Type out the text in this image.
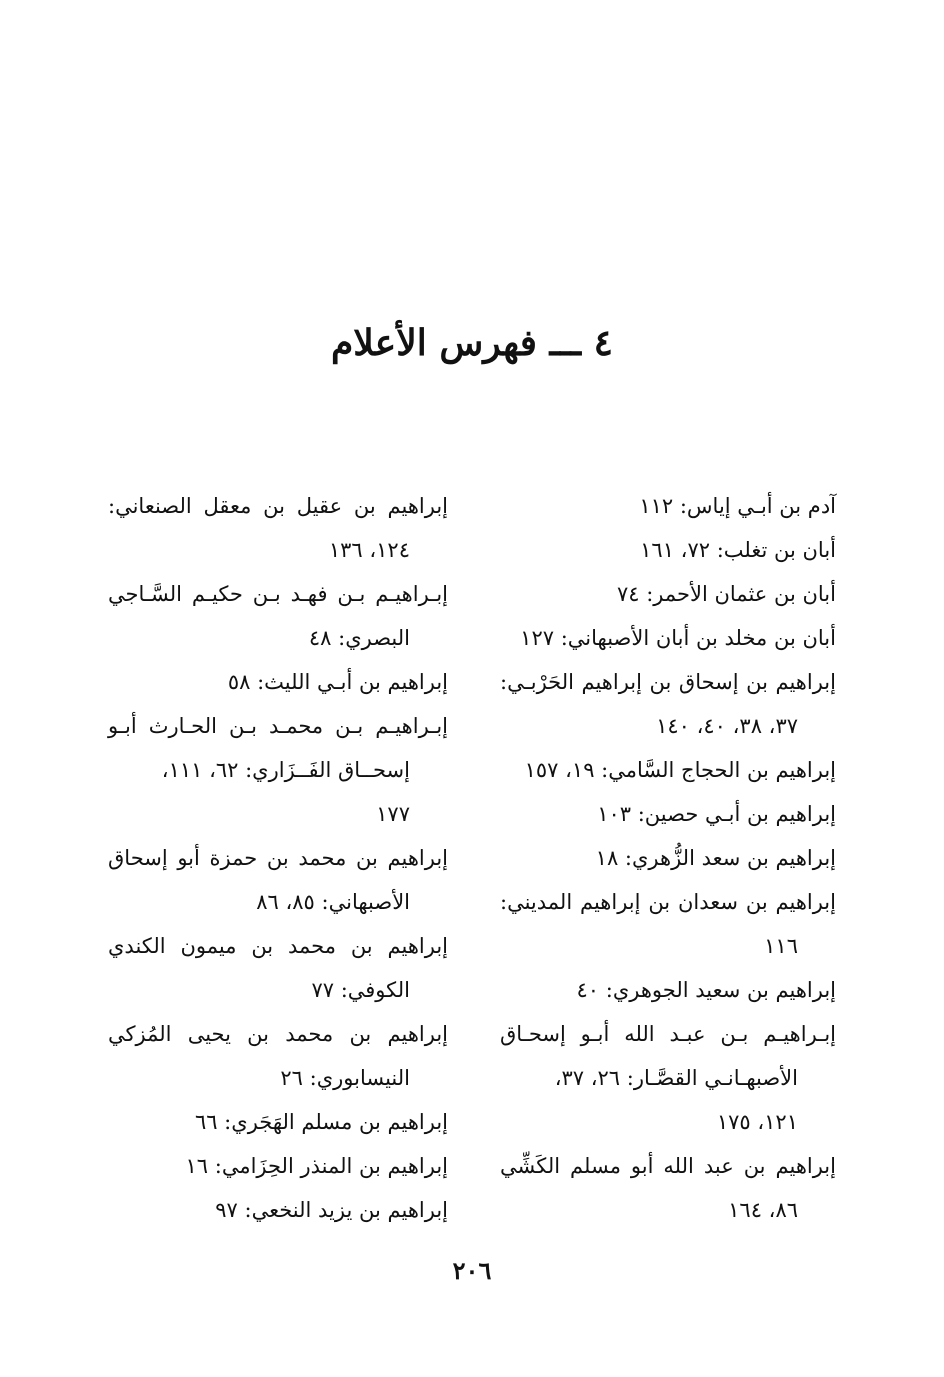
٤ ـــ فهرس الأعلام
آدم بن أبـي إياس: ١١٢
أبان بن تغلب: ٧٢، ١٦١
أبان بن عثمان الأحمر: ٧٤
أبان بن مخلد بن أبان الأصبهاني: ١٢٧
إبراهيم بن إسحاق بن إبراهيم الحَرْبـي:
٣٧، ٣٨، ٤٠، ١٤٠
إبراهيم بن الحجاج السَّامي: ١٩، ١٥٧
إبراهيم بن أبـي حصين: ١٠٣
إبراهيم بن سعد الزُّهري: ١٨
إبراهيم بن سعدان بن إبراهيم المديني:
١١٦
إبراهيم بن سعيد الجوهري: ٤٠
إبـراهيـم بـن عبـد الله أبـو إسحـاق
الأصبهـانـي القصَّـار: ٢٦، ٣٧،
١٢١، ١٧٥
إبراهيم بن عبد الله أبو مسلم الكَشِّي
٨٦، ١٦٤
إبراهيم بن عقيل بن معقل الصنعاني:
١٢٤، ١٣٦
إبـراهيـم بـن فهـد بـن حكيـم السَّـاجي
البصري: ٤٨
إبراهيم بن أبـي الليث: ٥٨
إبـراهيـم بـن محمـد بـن الحـارث أبـو
إسحــاق الفَــزَاري: ٦٢، ١١١،
١٧٧
إبراهيم بن محمد بن حمزة أبو إسحاق
الأصبهاني: ٨٥، ٨٦
إبراهيم بن محمد بن ميمون الكندي
الكوفي: ٧٧
إبراهيم بن محمد بن يحيى المُزكي
النيسابوري: ٢٦
إبراهيم بن مسلم الهَجَري: ٦٦
إبراهيم بن المنذر الحِزَامي: ١٦
إبراهيم بن يزيد النخعي: ٩٧
٢٠٦
